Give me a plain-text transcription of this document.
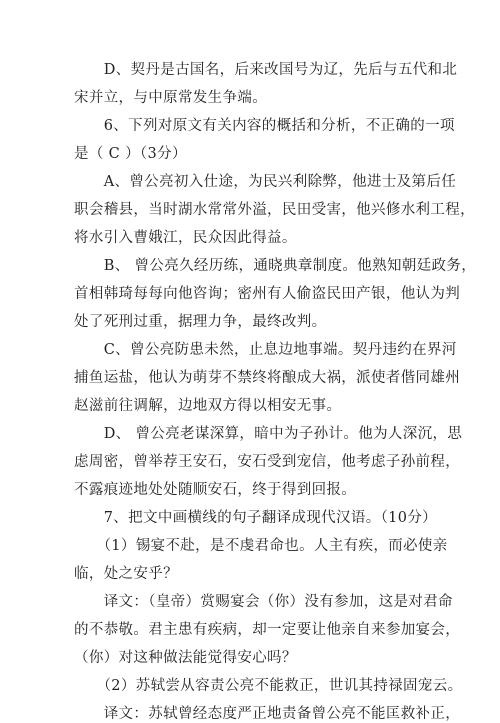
　　D、契丹是古国名，后来改国号为辽，先后与五代和北
宋并立，与中原常发生争端。
　　6、下列对原文有关内容的概括和分析，不正确的一项
是（ C ）（3分）
　　A、曾公亮初入仕途，为民兴利除弊，他进士及第后任
职会稽县，当时湖水常常外溢，民田受害，他兴修水利工程，
将水引入曹娥江，民众因此得益。
　　B、 曾公亮久经历练，通晓典章制度。他熟知朝廷政务，
首相韩琦每每向他咨询；密州有人偷盗民田产银，他认为判
处了死刑过重，据理力争，最终改判。
　　C、曾公亮防患未然，止息边地事端。契丹违约在界河
捕鱼运盐，他认为萌芽不禁终将酿成大祸，派使者偕同雄州
赵滋前往调解，边地双方得以相安无事。
　　D、 曾公亮老谋深算，暗中为子孙计。他为人深沉，思
虑周密，曾举荐王安石，安石受到宠信，他考虑子孙前程，
不露痕迹地处处随顺安石，终于得到回报。
　　7、把文中画横线的句子翻译成现代汉语。（10分）
　　（1）锡宴不赴，是不虔君命也。人主有疾，而必使亲
临，处之安乎？
　　译文：（皇帝）赏赐宴会（你）没有参加，这是对君命
的不恭敬。君主患有疾病，却一定要让他亲自来参加宴会，
（你）对这种做法能觉得安心吗？
　　（2）苏轼尝从容责公亮不能救正，世讥其持禄固宠云。
　　译文：苏轼曾经态度严正地责备曾公亮不能匡救补正，
